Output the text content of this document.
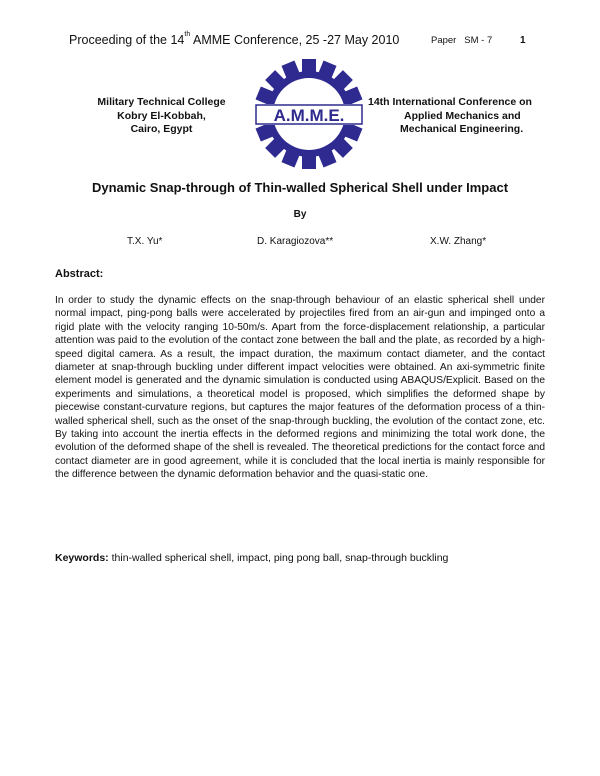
Proceeding of the 14th AMME Conference, 25 -27 May 2010	Paper   SM - 7	1
Military Technical College
Kobry El-Kobbah,
Cairo, Egypt
A.M.M.E.
14th International Conference on
Applied Mechanics and
Mechanical Engineering.
Dynamic Snap-through of Thin-walled Spherical Shell under Impact
By
T.X. Yu*	D. Karagiozova**	X.W. Zhang*
Abstract:
In order to study the dynamic effects on the snap-through behaviour of an elastic spherical shell under normal impact, ping-pong balls were accelerated by projectiles fired from an air-gun and impinged onto a rigid plate with the velocity ranging 10-50m/s. Apart from the force-displacement relationship, a particular attention was paid to the evolution of the contact zone between the ball and the plate, as recorded by a high-speed digital camera. As a result, the impact duration, the maximum contact diameter, and the contact diameter at snap-through buckling under different impact velocities were obtained. An axi-symmetric finite element model is generated and the dynamic simulation is conducted using ABAQUS/Explicit. Based on the experiments and simulations, a theoretical model is proposed, which simplifies the deformed shape by piecewise constant-curvature regions, but captures the major features of the deformation process of a thin-walled spherical shell, such as the onset of the snap-through buckling, the evolution of the contact zone, etc. By taking into account the inertia effects in the deformed regions and minimizing the total work done, the evolution of the deformed shape of the shell is revealed. The theoretical predictions for the contact force and contact diameter are in good agreement, while it is concluded that the local inertia is mainly responsible for the difference between the dynamic deformation behavior and the quasi-static one.
Keywords: thin-walled spherical shell, impact, ping pong ball, snap-through buckling
